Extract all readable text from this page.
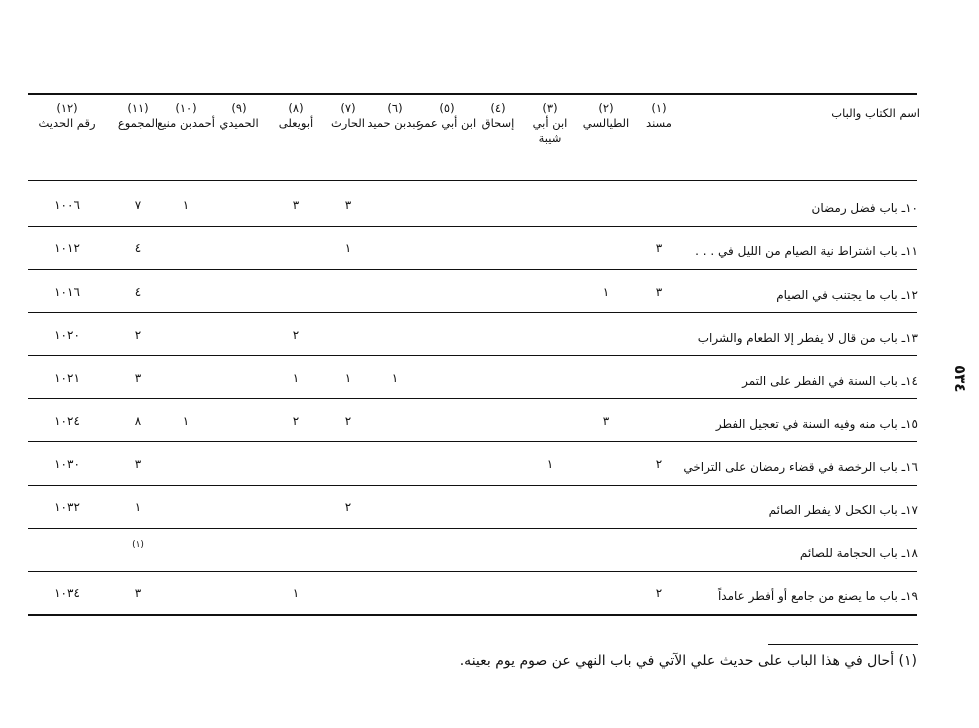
٥٣٤
اسم الكتاب والباب
(١)
مسند
(٢)
الطيالسي
(٣)
ابن أبي شيبة
(٤)
إسحاق
(٥)
ابن أبي عمر
(٦)
عبدبن حميد
(٧)
الحارث
(٨)
أبويعلى
(٩)
الحميدي
(١٠)
أحمدبن منيع
(١١)
المجموع
(١٢)
رقم الحديث
١٠ـ باب فضل رمضان
٣
٣
١
٧
١٠٠٦
١١ـ باب اشتراط نية الصيام من الليل في . . .
٣
١
٤
١٠١٢
١٢ـ باب ما يجتنب في الصيام
٣
١
٤
١٠١٦
١٣ـ باب من قال لا يفطر إلا الطعام والشراب
٢
٢
١٠٢٠
١٤ـ باب السنة في الفطر على التمر
١
١
١
٣
١٠٢١
١٥ـ باب منه وفيه السنة في تعجيل الفطر
٣
٢
٢
١
٨
١٠٢٤
١٦ـ باب الرخصة في قضاء رمضان على التراخي
٢
١
٣
١٠٣٠
١٧ـ باب الكحل لا يفطر الصائم
٢
١
١٠٣٢
١٨ـ باب الحجامة للصائم
(١)
١٩ـ باب ما يصنع من جامع أو أفطر عامداً
٢
١
٣
١٠٣٤
(١) أحال في هذا الباب على حديث علي الآتي في باب النهي عن صوم يوم بعينه.
